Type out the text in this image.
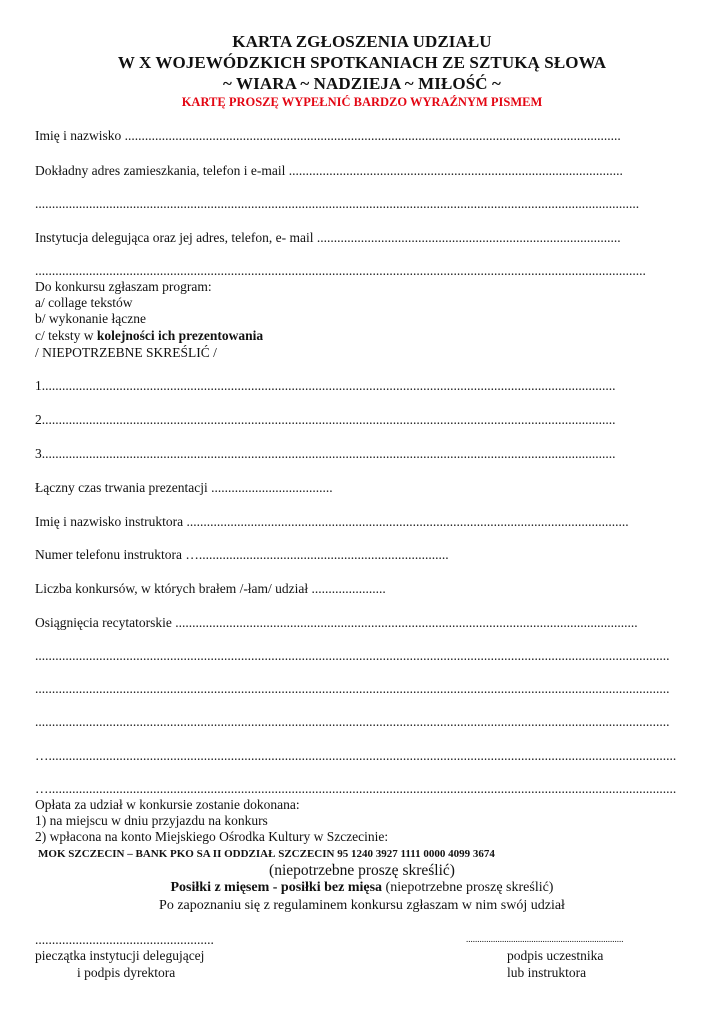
KARTA ZGŁOSZENIA UDZIAŁU
W X WOJEWÓDZKICH SPOTKANIACH ZE SZTUKĄ SŁOWA
~ WIARA ~ NADZIEJA ~ MIŁOŚĆ ~
KARTĘ PROSZĘ WYPEŁNIĆ BARDZO WYRAŹNYM PISMEM
Imię i nazwisko ...................................................................................................................................................
Dokładny adres zamieszkania, telefon i e-mail ...................................................................................................
...................................................................................................................................................................................
Instytucja delegująca oraz jej adres, telefon, e- mail ..........................................................................................
.....................................................................................................................................................................................
Do konkursu zgłaszam program:
a/ collage tekstów
b/ wykonanie łączne
c/ teksty w kolejności ich prezentowania
/ NIEPOTRZEBNE SKREŚLIĆ /
1..........................................................................................................................................................................
2..........................................................................................................................................................................
3..........................................................................................................................................................................
Łączny czas trwania prezentacji ....................................
Imię i nazwisko instruktora ...................................................................................................................................
Numer telefonu instruktora …..........................................................................
Liczba konkursów, w których brałem /-łam/ udział ......................
Osiągnięcia recytatorskie .........................................................................................................................................
............................................................................................................................................................................................
............................................................................................................................................................................................
............................................................................................................................................................................................
…..........................................................................................................................................................................................
…..........................................................................................................................................................................................
Opłata za udział w konkursie zostanie dokonana:
1) na miejscu w dniu przyjazdu na konkurs
2) wpłacona na konto Miejskiego Ośrodka Kultury w Szczecinie:
MOK SZCZECIN – BANK PKO SA II ODDZIAŁ SZCZECIN 95 1240 3927 1111 0000 4099 3674
(niepotrzebne proszę skreślić)
Posiłki z mięsem - posiłki bez mięsa (niepotrzebne proszę skreślić)
Po zapoznaniu się z regulaminem konkursu zgłaszam w nim swój udział
.....................................................	......................................................................
pieczątka instytucji delegującej
i podpis dyrektora
podpis uczestnika
lub instruktora
